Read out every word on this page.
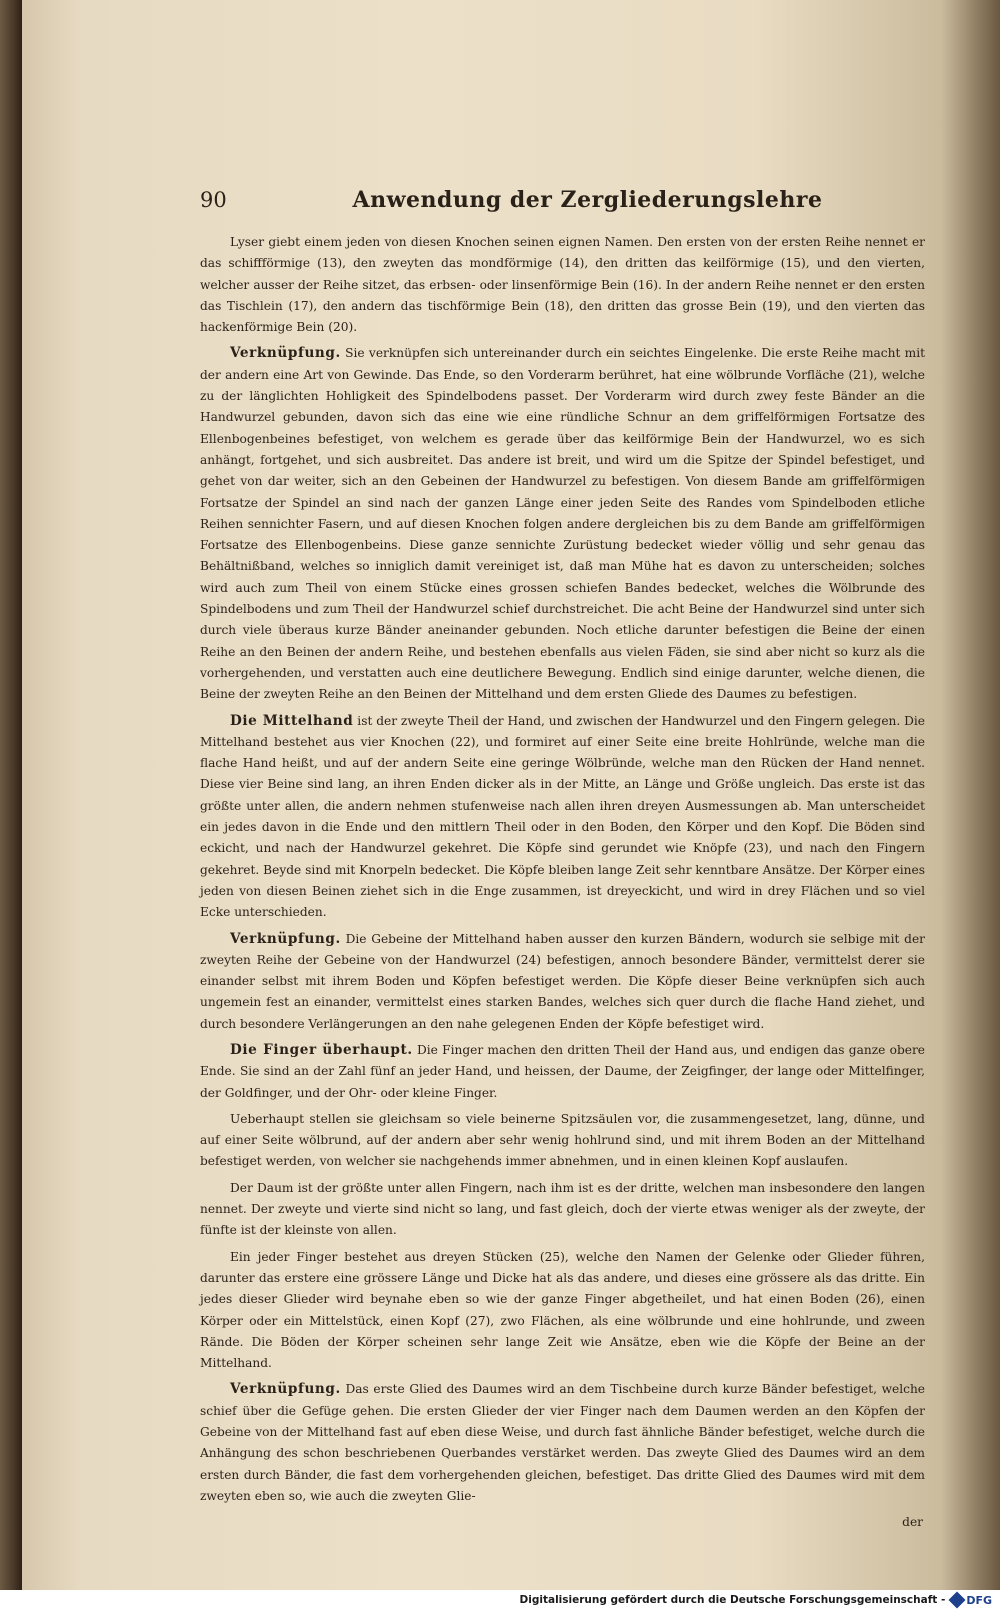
90	Anwendung der Zergliederungslehre

Lyser giebt einem jeden von diesen Knochen seinen eignen Namen. Den ersten von der ersten Reihe nennet er das schiffförmige (13), den zweyten das mondförmige (14), den dritten das keilförmige (15), und den vierten, welcher ausser der Reihe sitzet, das erbsen- oder linsenförmige Bein (16). In der andern Reihe nennet er den ersten das Tischlein (17), den andern das tischförmige Bein (18), den dritten das grosse Bein (19), und den vierten das hackenförmige Bein (20).

Verknüpfung. Sie verknüpfen sich untereinander durch ein seichtes Eingelenke. Die erste Reihe macht mit der andern eine Art von Gewinde. Das Ende, so den Vorderarm berühret, hat eine wölbrunde Vorfläche (21), welche zu der länglichten Hohligkeit des Spindelbodens passet. Der Vorderarm wird durch zwey feste Bänder an die Handwurzel gebunden, davon sich das eine wie eine ründliche Schnur an dem griffelförmigen Fortsatze des Ellenbogenbeines befestiget, von welchem es gerade über das keilförmige Bein der Handwurzel, wo es sich anhängt, fortgehet, und sich ausbreitet. Das andere ist breit, und wird um die Spitze der Spindel befestiget, und gehet von dar weiter, sich an den Gebeinen der Handwurzel zu befestigen. Von diesem Bande am griffelförmigen Fortsatze der Spindel an sind nach der ganzen Länge einer jeden Seite des Randes vom Spindelboden etliche Reihen sennichter Fasern, und auf diesen Knochen folgen andere dergleichen bis zu dem Bande am griffelförmigen Fortsatze des Ellenbogenbeins. Diese ganze sennichte Zurüstung bedecket wieder völlig und sehr genau das Behältnißband, welches so inniglich damit vereiniget ist, daß man Mühe hat es davon zu unterscheiden; solches wird auch zum Theil von einem Stücke eines grossen schiefen Bandes bedecket, welches die Wölbrunde des Spindelbodens und zum Theil der Handwurzel schief durchstreichet. Die acht Beine der Handwurzel sind unter sich durch viele überaus kurze Bänder aneinander gebunden. Noch etliche darunter befestigen die Beine der einen Reihe an den Beinen der andern Reihe, und bestehen ebenfalls aus vielen Fäden, sie sind aber nicht so kurz als die vorhergehenden, und verstatten auch eine deutlichere Bewegung. Endlich sind einige darunter, welche dienen, die Beine der zweyten Reihe an den Beinen der Mittelhand und dem ersten Gliede des Daumes zu befestigen.

Die Mittelhand ist der zweyte Theil der Hand, und zwischen der Handwurzel und den Fingern gelegen. Die Mittelhand bestehet aus vier Knochen (22), und formiret auf einer Seite eine breite Hohlründe, welche man die flache Hand heißt, und auf der andern Seite eine geringe Wölbründe, welche man den Rücken der Hand nennet. Diese vier Beine sind lang, an ihren Enden dicker als in der Mitte, an Länge und Größe ungleich. Das erste ist das größte unter allen, die andern nehmen stufenweise nach allen ihren dreyen Ausmessungen ab. Man unterscheidet ein jedes davon in die Ende und den mittlern Theil oder in den Boden, den Körper und den Kopf. Die Böden sind eckicht, und nach der Handwurzel gekehret. Die Köpfe sind gerundet wie Knöpfe (23), und nach den Fingern gekehret. Beyde sind mit Knorpeln bedecket. Die Köpfe bleiben lange Zeit sehr kenntbare Ansätze. Der Körper eines jeden von diesen Beinen ziehet sich in die Enge zusammen, ist dreyeckicht, und wird in drey Flächen und so viel Ecke unterschieden.

Verknüpfung. Die Gebeine der Mittelhand haben ausser den kurzen Bändern, wodurch sie selbige mit der zweyten Reihe der Gebeine von der Handwurzel (24) befestigen, annoch besondere Bänder, vermittelst derer sie einander selbst mit ihrem Boden und Köpfen befestiget werden. Die Köpfe dieser Beine verknüpfen sich auch ungemein fest an einander, vermittelst eines starken Bandes, welches sich quer durch die flache Hand ziehet, und durch besondere Verlängerungen an den nahe gelegenen Enden der Köpfe befestiget wird.

Die Finger überhaupt. Die Finger machen den dritten Theil der Hand aus, und endigen das ganze obere Ende. Sie sind an der Zahl fünf an jeder Hand, und heissen, der Daume, der Zeigfinger, der lange oder Mittelfinger, der Goldfinger, und der Ohr- oder kleine Finger.

Ueberhaupt stellen sie gleichsam so viele beinerne Spitzsäulen vor, die zusammengesetzet, lang, dünne, und auf einer Seite wölbrund, auf der andern aber sehr wenig hohlrund sind, und mit ihrem Boden an der Mittelhand befestiget werden, von welcher sie nachgehends immer abnehmen, und in einen kleinen Kopf auslaufen.

Der Daum ist der größte unter allen Fingern, nach ihm ist es der dritte, welchen man insbesondere den langen nennet. Der zweyte und vierte sind nicht so lang, und fast gleich, doch der vierte etwas weniger als der zweyte, der fünfte ist der kleinste von allen.

Ein jeder Finger bestehet aus dreyen Stücken (25), welche den Namen der Gelenke oder Glieder führen, darunter das erstere eine grössere Länge und Dicke hat als das andere, und dieses eine grössere als das dritte. Ein jedes dieser Glieder wird beynahe eben so wie der ganze Finger abgetheilet, und hat einen Boden (26), einen Körper oder ein Mittelstück, einen Kopf (27), zwo Flächen, als eine wölbrunde und eine hohlrunde, und zween Rände. Die Böden der Körper scheinen sehr lange Zeit wie Ansätze, eben wie die Köpfe der Beine an der Mittelhand.

Verknüpfung. Das erste Glied des Daumes wird an dem Tischbeine durch kurze Bänder befestiget, welche schief über die Gefüge gehen. Die ersten Glieder der vier Finger nach dem Daumen werden an den Köpfen der Gebeine von der Mittelhand fast auf eben diese Weise, und durch fast ähnliche Bänder befestiget, welche durch die Anhängung des schon beschriebenen Querbandes verstärket werden. Das zweyte Glied des Daumes wird an dem ersten durch Bänder, die fast dem vorhergehenden gleichen, befestiget. Das dritte Glied des Daumes wird mit dem zweyten eben so, wie auch die zweyten Glie-

der
Digitalisierung gefördert durch die Deutsche Forschungsgemeinschaft - DFG
